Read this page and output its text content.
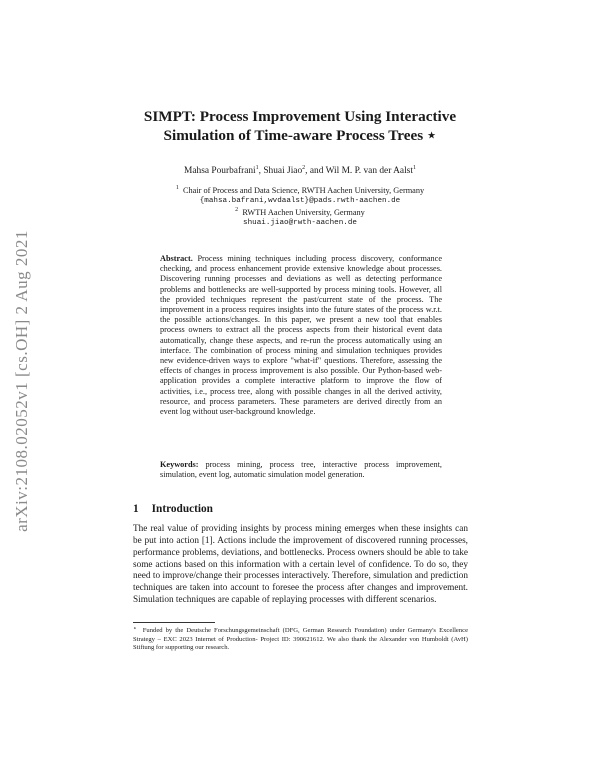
arXiv:2108.02052v1 [cs.OH] 2 Aug 2021
SIMPT: Process Improvement Using Interactive
Simulation of Time-aware Process Trees ⋆
Mahsa Pourbafrani$^1$, Shuai Jiao$^2$, and Wil M. P. van der Aalst$^1$
$^1$ Chair of Process and Data Science, RWTH Aachen University, Germany
{mahsa.bafrani,wvdaalst}@pads.rwth-aachen.de
$^2$ RWTH Aachen University, Germany
shuai.jiao@rwth-aachen.de
Abstract. Process mining techniques including process discovery, conformance checking, and process enhancement provide extensive knowledge about processes. Discovering running processes and deviations as well as detecting performance problems and bottlenecks are well-supported by process mining tools. However, all the provided techniques represent the past/current state of the process. The improvement in a process requires insights into the future states of the process w.r.t. the possible actions/changes. In this paper, we present a new tool that enables process owners to extract all the process aspects from their historical event data automatically, change these aspects, and re-run the process automatically using an interface. The combination of process mining and simulation techniques provides new evidence-driven ways to explore "what-if" questions. Therefore, assessing the effects of changes in process improvement is also possible. Our Python-based web-application provides a complete interactive platform to improve the flow of activities, i.e., process tree, along with possible changes in all the derived activity, resource, and process parameters. These parameters are derived directly from an event log without user-background knowledge.
Keywords: process mining, process tree, interactive process improvement, simulation, event log, automatic simulation model generation.
1 Introduction
The real value of providing insights by process mining emerges when these insights can be put into action [1]. Actions include the improvement of discovered running processes, performance problems, deviations, and bottlenecks. Process owners should be able to take some actions based on this information with a certain level of confidence. To do so, they need to improve/change their processes interactively. Therefore, simulation and prediction techniques are taken into account to foresee the process after changes and improvement. Simulation techniques are capable of replaying processes with different scenarios.
⋆ Funded by the Deutsche Forschungsgemeinschaft (DFG, German Research Foundation) under Germany's Excellence Strategy – EXC 2023 Internet of Production- Project ID: 390621612. We also thank the Alexander von Humboldt (AvH) Stiftung for supporting our research.
